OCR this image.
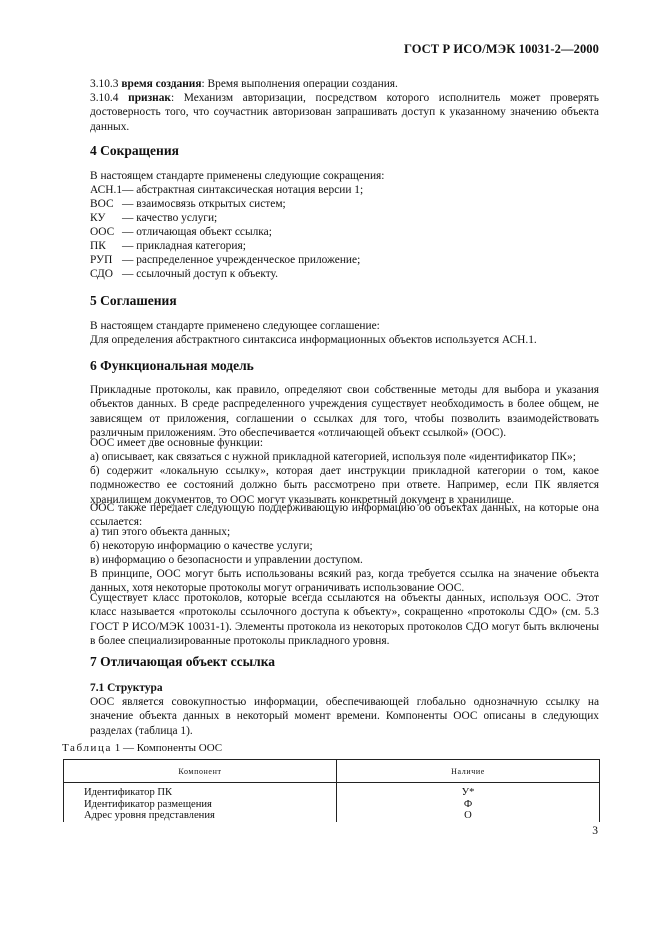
ГОСТ Р ИСО/МЭК 10031-2—2000
3.10.3 время создания: Время выполнения операции создания.
3.10.4 признак: Механизм авторизации, посредством которого исполнитель может проверять достоверность того, что соучастник авторизован запрашивать доступ к указанному значению объекта данных.
4 Сокращения
В настоящем стандарте применены следующие сокращения:
АСН.1— абстрактная синтаксическая нотация версии 1;
ВОС — взаимосвязь открытых систем;
КУ — качество услуги;
ООС — отличающая объект ссылка;
ПК — прикладная категория;
РУП — распределенное учрежденческое приложение;
СДО — ссылочный доступ к объекту.
5 Соглашения
В настоящем стандарте применено следующее соглашение:
Для определения абстрактного синтаксиса информационных объектов используется АСН.1.
6 Функциональная модель
Прикладные протоколы, как правило, определяют свои собственные методы для выбора и указания объектов данных. В среде распределенного учреждения существует необходимость в более общем, не зависящем от приложения, соглашении о ссылках для того, чтобы позволить взаимодействовать различным приложениям. Это обеспечивается «отличающей объект ссылкой» (ООС).
ООС имеет две основные функции:
а) описывает, как связаться с нужной прикладной категорией, используя поле «идентификатор ПК»;
б) содержит «локальную ссылку», которая дает инструкции прикладной категории о том, какое подмножество ее состояний должно быть рассмотрено при ответе. Например, если ПК является хранилищем документов, то ООС могут указывать конкретный документ в хранилище.
ООС также передает следующую поддерживающую информацию об объектах данных, на которые она ссылается:
а) тип этого объекта данных;
б) некоторую информацию о качестве услуги;
в) информацию о безопасности и управлении доступом.
В принципе, ООС могут быть использованы всякий раз, когда требуется ссылка на значение объекта данных, хотя некоторые протоколы могут ограничивать использование ООС.
Существует класс протоколов, которые всегда ссылаются на объекты данных, используя ООС. Этот класс называется «протоколы ссылочного доступа к объекту», сокращенно «протоколы СДО» (см. 5.3 ГОСТ Р ИСО/МЭК 10031-1). Элементы протокола из некоторых протоколов СДО могут быть включены в более специализированные протоколы прикладного уровня.
7 Отличающая объект ссылка
7.1 Структура
ООС является совокупностью информации, обеспечивающей глобально однозначную ссылку на значение объекта данных в некоторый момент времени. Компоненты ООС описаны в следующих разделах (таблица 1).
Таблица 1 — Компоненты ООС
Компонент	Наличие
Идентификатор ПК	У*
Идентификатор размещения	Ф
Адрес уровня представления	О
3
